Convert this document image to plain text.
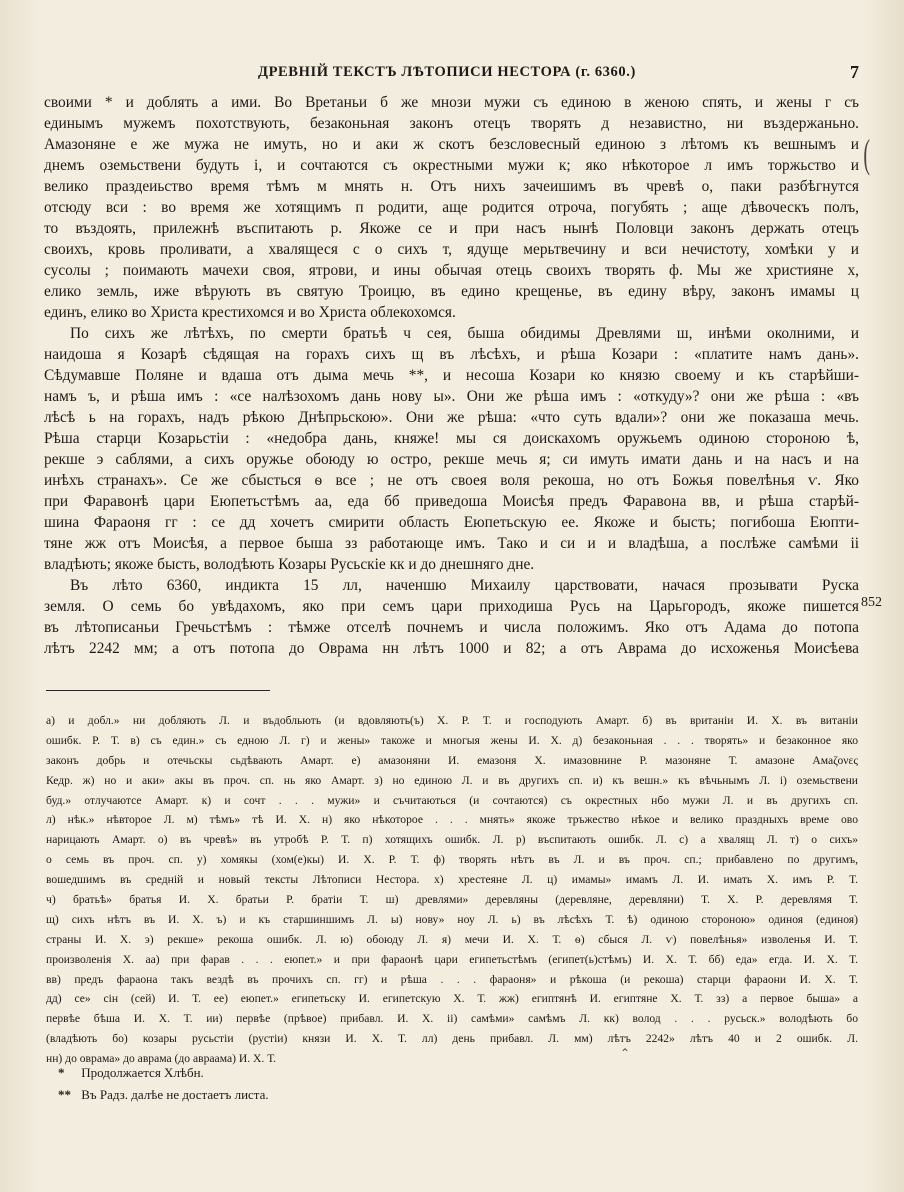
ДРЕВНІЙ ТЕКСТЪ ЛѢТОПИСИ НЕСТОРА (г. 6360.)	7
своими * и доблять а ими. Во Вретаньи б же мнози мужи съ единою в женою спять, и жены г съ
единымъ мужемъ похотствують, безаконьная законъ отецъ творять д независтно, ни въздержаньно.
Амазоняне е же мужа не имуть, но и аки ж скотъ безсловесный единою з лѣтомъ къ вешнымъ и
днемъ оземьствени будуть і, и сочтаются съ окрестными мужи к; яко нѣкоторое л имъ торжьство и
велико праздеиьство время тѣмъ м мнять н. Отъ нихъ зачеишимъ въ чревѣ о, паки разбѣгнутся
отсюду вси : во время же хотящимъ п родити, аще родится отроча, погубять ; аще дѣвоческъ полъ,
то въздоять, прилежнѣ въспитають р. Якоже се и при насъ нынѣ Половци законъ держать отецъ
своихъ, кровь проливати, а хвалящеся с о сихъ т, ядуще мерьтвечину и вси нечистоту, хомѣки у и
сусолы ; поимають мачехи своя, ятрови, и ины обычая отець своихъ творять ф. Мы же християне х,
елико земль, иже вѣрують въ святую Троицю, въ едино крещенье, въ едину вѣру, законъ имамы ц
единъ, елико во Христа крестихомся и во Христа облекохомся.
По сихъ же лѣтѣхъ, по смерти братьѣ ч сея, быша обидимы Древлями ш, инѣми околними, и
наидоша я Козарѣ сѣдящая на горахъ сихъ щ въ лѣсѣхъ, и рѣша Козари : «платите намъ дань».
Сѣдумавше Поляне и вдаша отъ дыма мечь **, и несоша Козари ко князю своему и къ старѣйши-
намъ ъ, и рѣша имъ : «се налѣзохомъ дань нову ы». Они же рѣша имъ : «откуду»? они же рѣша : «въ
лѣсѣ ь на горахъ, надъ рѣкою Днѣпрьскою». Они же рѣша: «что суть вдали»? они же показаша мечь.
Рѣша старци Козарьстіи : «недобра дань, княже! мы ся доискахомъ оружьемъ одиною стороною ѣ,
рекше э саблями, а сихъ оружье обоюду ю остро, рекше мечь я; си имуть имати дань и на насъ и на
инѣхъ странахъ». Се же сбысться ѳ все ; не отъ своея воля рекоша, но отъ Божья повелѣнья ѵ. Яко
при Фаравонѣ цари Еюпетьстѣмъ аа, еда бб приведоша Моисѣя предъ Фаравона вв, и рѣша старѣй-
шина Фараоня гг : се дд хочетъ смирити область Еюпетьскую ее. Якоже и бысть; погибоша Еюпти-
тяне жж отъ Моисѣя, а первое быша зз работающе имъ. Тако и си и и владѣша, а послѣже самѣми іі
владѣють; якоже бысть, володѣють Козары Русьскіе кк и до днешняго дне.
Въ лѣто 6360, индикта 15 лл, наченшю Михаилу царствовати, начася прозывати Руска
земля. О семь бо увѣдахомъ, яко при семъ цари приходиша Русь на Царьгородъ, якоже пишется
въ лѣтописаньи Гречьстѣмъ : тѣмже отселѣ почнемъ и числа положимъ. Яко отъ Адама до потопа
лѣтъ 2242 мм; а отъ потопа до Оврама нн лѣтъ 1000 и 82; а отъ Аврама до исхоженья Моисѣева
(
852
а) и добл.» ни добляють Л. и въдобльють (и вдовляють(ъ) Х. Р. Т. и господують Амарт. б) въ вританіи И. Х. въ витаніи
ошибк. Р. Т. в) съ един.» съ едною Л. г) и жены» такоже и многыя жены И. Х. д) безаконьная . . . творять» и безаконное яко
законъ добрь и отечьскы сьдѣвають Амарт. е) амазоняни И. емазоня Х. имазовнине Р. мазоняне Т. амазоне Амаζονες
Кедр. ж) но и аки» акы въ проч. сп. нь яко Амарт. з) но единою Л. и въ другихъ сп. и) къ вешн.» къ вѣчьнымъ Л. і) оземьствени
буд.» отлучаютсе Амарт. к) и сочт . . . мужи» и съчитаються (и сочтаются) съ окрестных нбо мужи Л. и въ другихъ сп.
л) нѣк.» нѣвторое Л. м) тѣмъ» тѣ И. Х. н) яко нѣкоторое . . . мнять» якоже тръжество нѣкое и велико праздныхъ време ово
нарицають Амарт. о) въ чревѣ» въ утробѣ Р. Т. п) хотящихъ ошибк. Л. р) въспитають ошибк. Л. с) а хвалящ Л. т) о сихъ»
о семь въ проч. сп. у) хомякы (хом(е)кы) И. Х. Р. Т. ф) творять нѣтъ въ Л. и въ проч. сп.; прибавлено по другимъ,
вошедшимъ въ средній и новый тексты Лѣтописи Нестора. х) хрестеяне Л. ц) имамы» имамъ Л. И. имать Х. имъ Р. Т.
ч) братьѣ» братья И. Х. братьи Р. братіи Т. ш) древлями» деревляны (деревляне, деревляни) Т. Х. Р. деревлямя Т.
щ) сихъ нѣтъ въ И. Х. ъ) и къ старшиншимъ Л. ы) нову» ноу Л. ь) въ лѣсѣхъ Т. ѣ) одиною стороною» одиноя (единоя)
страны И. Х. э) рекше» рекоша ошибк. Л. ю) обоюду Л. я) мечи И. Х. Т. ѳ) сбыся Л. ѵ) повелѣнья» изволенья И. Т.
произволенія Х. аа) при фарав . . . еюпет.» и при фараонѣ цари египетьстѣмъ (египет(ь)стѣмъ) И. Х. Т. бб) еда» егда. И. Х. Т.
вв) предъ фараона такъ вездѣ въ прочихъ сп. гг) и рѣша . . . фараоня» и рѣкоша (и рекоша) старци фараони И. Х. Т.
дд) се» сін (сей) И. Т. ее) еюпет.» египетьску И. египетскую Х. Т. жж) египтянѣ И. египтяне Х. Т. зз) а первое быша» а
первѣе бѣша И. Х. Т. ии) первѣе (прѣвое) прибавл. И. Х. іі) самѣми» самѣмъ Л. кк) волод . . . русьск.» володѣють бо
(владѣють бо) козары русьстіи (рустіи) князи И. Х. Т. лл) день прибавл. Л. мм) лѣтъ 2242» лѣтъ 40 и 2 ошибк. Л.
нн) до оврама» до аврама (до авраама) И. Х. Т.	⌃
* Продолжается Хлѣбн.
** Въ Радз. далѣе не достаетъ листа.
